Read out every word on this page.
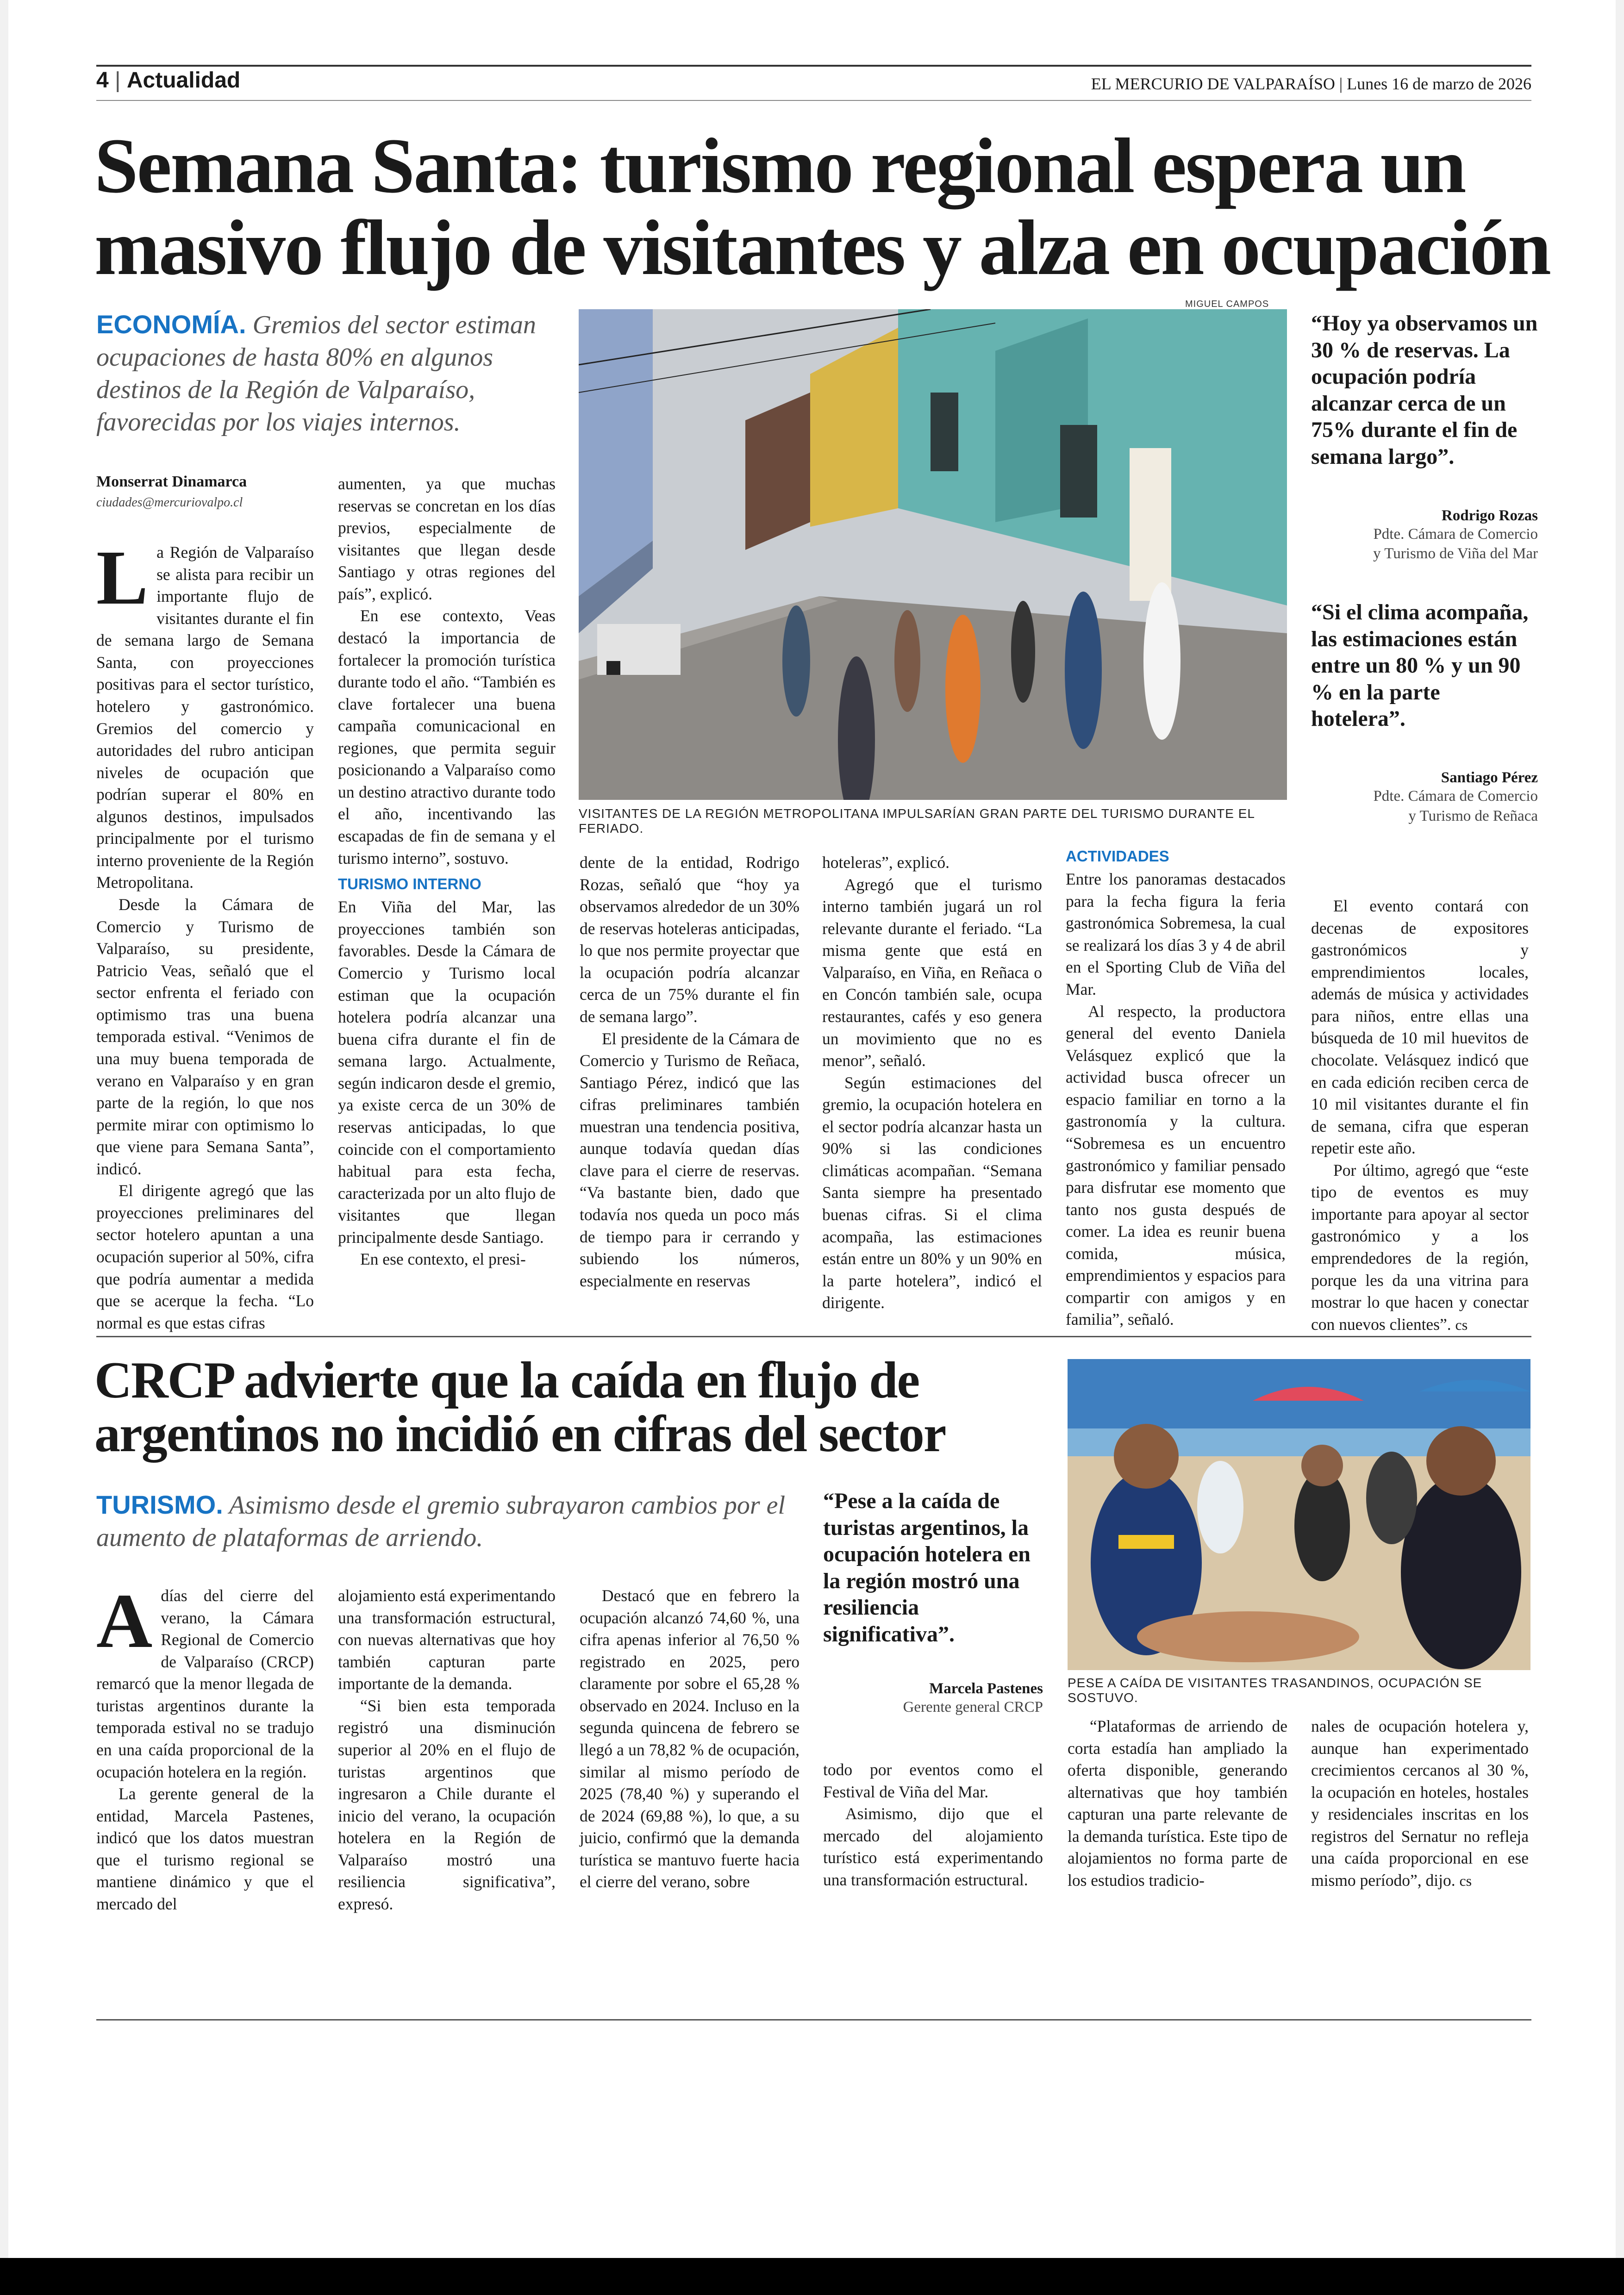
4 | Actualidad	EL MERCURIO DE VALPARAÍSO | Lunes 16 de marzo de 2026
Semana Santa: turismo regional espera un masivo flujo de visitantes y alza en ocupación
ECONOMÍA. Gremios del sector estiman ocupaciones de hasta 80% en algunos destinos de la Región de Valparaíso, favorecidas por los viajes internos.
Monserrat Dinamarca
ciudades@mercuriovalpo.cl
MIGUEL CAMPOS
VISITANTES DE LA REGIÓN METROPOLITANA IMPULSARÍAN GRAN PARTE DEL TURISMO DURANTE EL FERIADO.
“Hoy ya observamos un 30 % de reservas. La ocupación podría alcanzar cerca de un 75% durante el fin de semana largo”.
Rodrigo Rozas
Pdte. Cámara de Comercio
y Turismo de Viña del Mar
“Si el clima acompaña, las estimaciones están entre un 80 % y un 90 % en la parte hotelera”.
Santiago Pérez
Pdte. Cámara de Comercio
y Turismo de Reñaca

La Región de Valparaíso se alista para recibir un importante flujo de visitantes durante el fin de semana largo de Semana Santa, con proyecciones positivas para el sector turístico, hotelero y gastronómico. Gremios del comercio y autoridades del rubro anticipan niveles de ocupación que podrían superar el 80% en algunos destinos, impulsados principalmente por el turismo interno proveniente de la Región Metropolitana.

Desde la Cámara de Comercio y Turismo de Valparaíso, su presidente, Patricio Veas, señaló que el sector enfrenta el feriado con optimismo tras una buena temporada estival. “Venimos de una muy buena temporada de verano en Valparaíso y en gran parte de la región, lo que nos permite mirar con optimismo lo que viene para Semana Santa”, indicó.

El dirigente agregó que las proyecciones preliminares del sector hotelero apuntan a una ocupación superior al 50%, cifra que podría aumentar a medida que se acerque la fecha. “Lo normal es que estas cifras

aumenten, ya que muchas reservas se concretan en los días previos, especialmente de visitantes que llegan desde Santiago y otras regiones del país”, explicó.

En ese contexto, Veas destacó la importancia de fortalecer la promoción turística durante todo el año. “También es clave fortalecer una buena campaña comunicacional en regiones, que permita seguir posicionando a Valparaíso como un destino atractivo durante todo el año, incentivando las escapadas de fin de semana y el turismo interno”, sostuvo.

TURISMO INTERNO

En Viña del Mar, las proyecciones también son favorables. Desde la Cámara de Comercio y Turismo local estiman que la ocupación hotelera podría alcanzar una buena cifra durante el fin de semana largo. Actualmente, según indicaron desde el gremio, ya existe cerca de un 30% de reservas anticipadas, lo que coincide con el comportamiento habitual para esta fecha, caracterizada por un alto flujo de visitantes que llegan principalmente desde Santiago.

En ese contexto, el presi-

dente de la entidad, Rodrigo Rozas, señaló que “hoy ya observamos alrededor de un 30% de reservas hoteleras anticipadas, lo que nos permite proyectar que la ocupación podría alcanzar cerca de un 75% durante el fin de semana largo”.

El presidente de la Cámara de Comercio y Turismo de Reñaca, Santiago Pérez, indicó que las cifras preliminares también muestran una tendencia positiva, aunque todavía quedan días clave para el cierre de reservas. “Va bastante bien, dado que todavía nos queda un poco más de tiempo para ir cerrando y subiendo los números, especialmente en reservas

hoteleras”, explicó.

Agregó que el turismo interno también jugará un rol relevante durante el feriado. “La misma gente que está en Valparaíso, en Viña, en Reñaca o en Concón también sale, ocupa restaurantes, cafés y eso genera un movimiento que no es menor”, señaló.

Según estimaciones del gremio, la ocupación hotelera en el sector podría alcanzar hasta un 90% si las condiciones climáticas acompañan. “Semana Santa siempre ha presentado buenas cifras. Si el clima acompaña, las estimaciones están entre un 80% y un 90% en la parte hotelera”, indicó el dirigente.

ACTIVIDADES

Entre los panoramas destacados para la fecha figura la feria gastronómica Sobremesa, la cual se realizará los días 3 y 4 de abril en el Sporting Club de Viña del Mar.

Al respecto, la productora general del evento Daniela Velásquez explicó que la actividad busca ofrecer un espacio familiar en torno a la gastronomía y la cultura. “Sobremesa es un encuentro gastronómico y familiar pensado para disfrutar ese momento que tanto nos gusta después de comer. La idea es reunir buena comida, música, emprendimientos y espacios para compartir con amigos y en familia”, señaló.

El evento contará con decenas de expositores gastronómicos y emprendimientos locales, además de música y actividades para niños, entre ellas una búsqueda de 10 mil huevitos de chocolate. Velásquez indicó que en cada edición reciben cerca de 10 mil visitantes durante el fin de semana, cifra que esperan repetir este año.

Por último, agregó que “este tipo de eventos es muy importante para apoyar al sector gastronómico y a los emprendedores de la región, porque les da una vitrina para mostrar lo que hacen y conectar con nuevos clientes”. cs

CRCP advierte que la caída en flujo de argentinos no incidió en cifras del sector
TURISMO. Asimismo desde el gremio subrayaron cambios por el aumento de plataformas de arriendo.
“Pese a la caída de turistas argentinos, la ocupación hotelera en la región mostró una resiliencia significativa”.
Marcela Pastenes
Gerente general CRCP
PESE A CAÍDA DE VISITANTES TRASANDINOS, OCUPACIÓN SE SOSTUVO.

Adías del cierre del verano, la Cámara Regional de Comercio de Valparaíso (CRCP) remarcó que la menor llegada de turistas argentinos durante la temporada estival no se tradujo en una caída proporcional de la ocupación hotelera en la región.

La gerente general de la entidad, Marcela Pastenes, indicó que los datos muestran que el turismo regional se mantiene dinámico y que el mercado del

alojamiento está experimentando una transformación estructural, con nuevas alternativas que hoy también capturan parte importante de la demanda.

“Si bien esta temporada registró una disminución superior al 20% en el flujo de turistas argentinos que ingresaron a Chile durante el inicio del verano, la ocupación hotelera en la Región de Valparaíso mostró una resiliencia significativa”, expresó.

Destacó que en febrero la ocupación alcanzó 74,60 %, una cifra apenas inferior al 76,50 % registrado en 2025, pero claramente por sobre el 65,28 % observado en 2024. Incluso en la segunda quincena de febrero se llegó a un 78,82 % de ocupación, similar al mismo período de 2025 (78,40 %) y superando el de 2024 (69,88 %), lo que, a su juicio, confirmó que la demanda turística se mantuvo fuerte hacia el cierre del verano, sobre

todo por eventos como el Festival de Viña del Mar.

Asimismo, dijo que el mercado del alojamiento turístico está experimentando una transformación estructural.

“Plataformas de arriendo de corta estadía han ampliado la oferta disponible, generando alternativas que hoy también capturan una parte relevante de la demanda turística. Este tipo de alojamientos no forma parte de los estudios tradicio-

nales de ocupación hotelera y, aunque han experimentado crecimientos cercanos al 30 %, la ocupación en hoteles, hostales y residenciales inscritas en los registros del Sernatur no refleja una caída proporcional en ese mismo período”, dijo. cs
